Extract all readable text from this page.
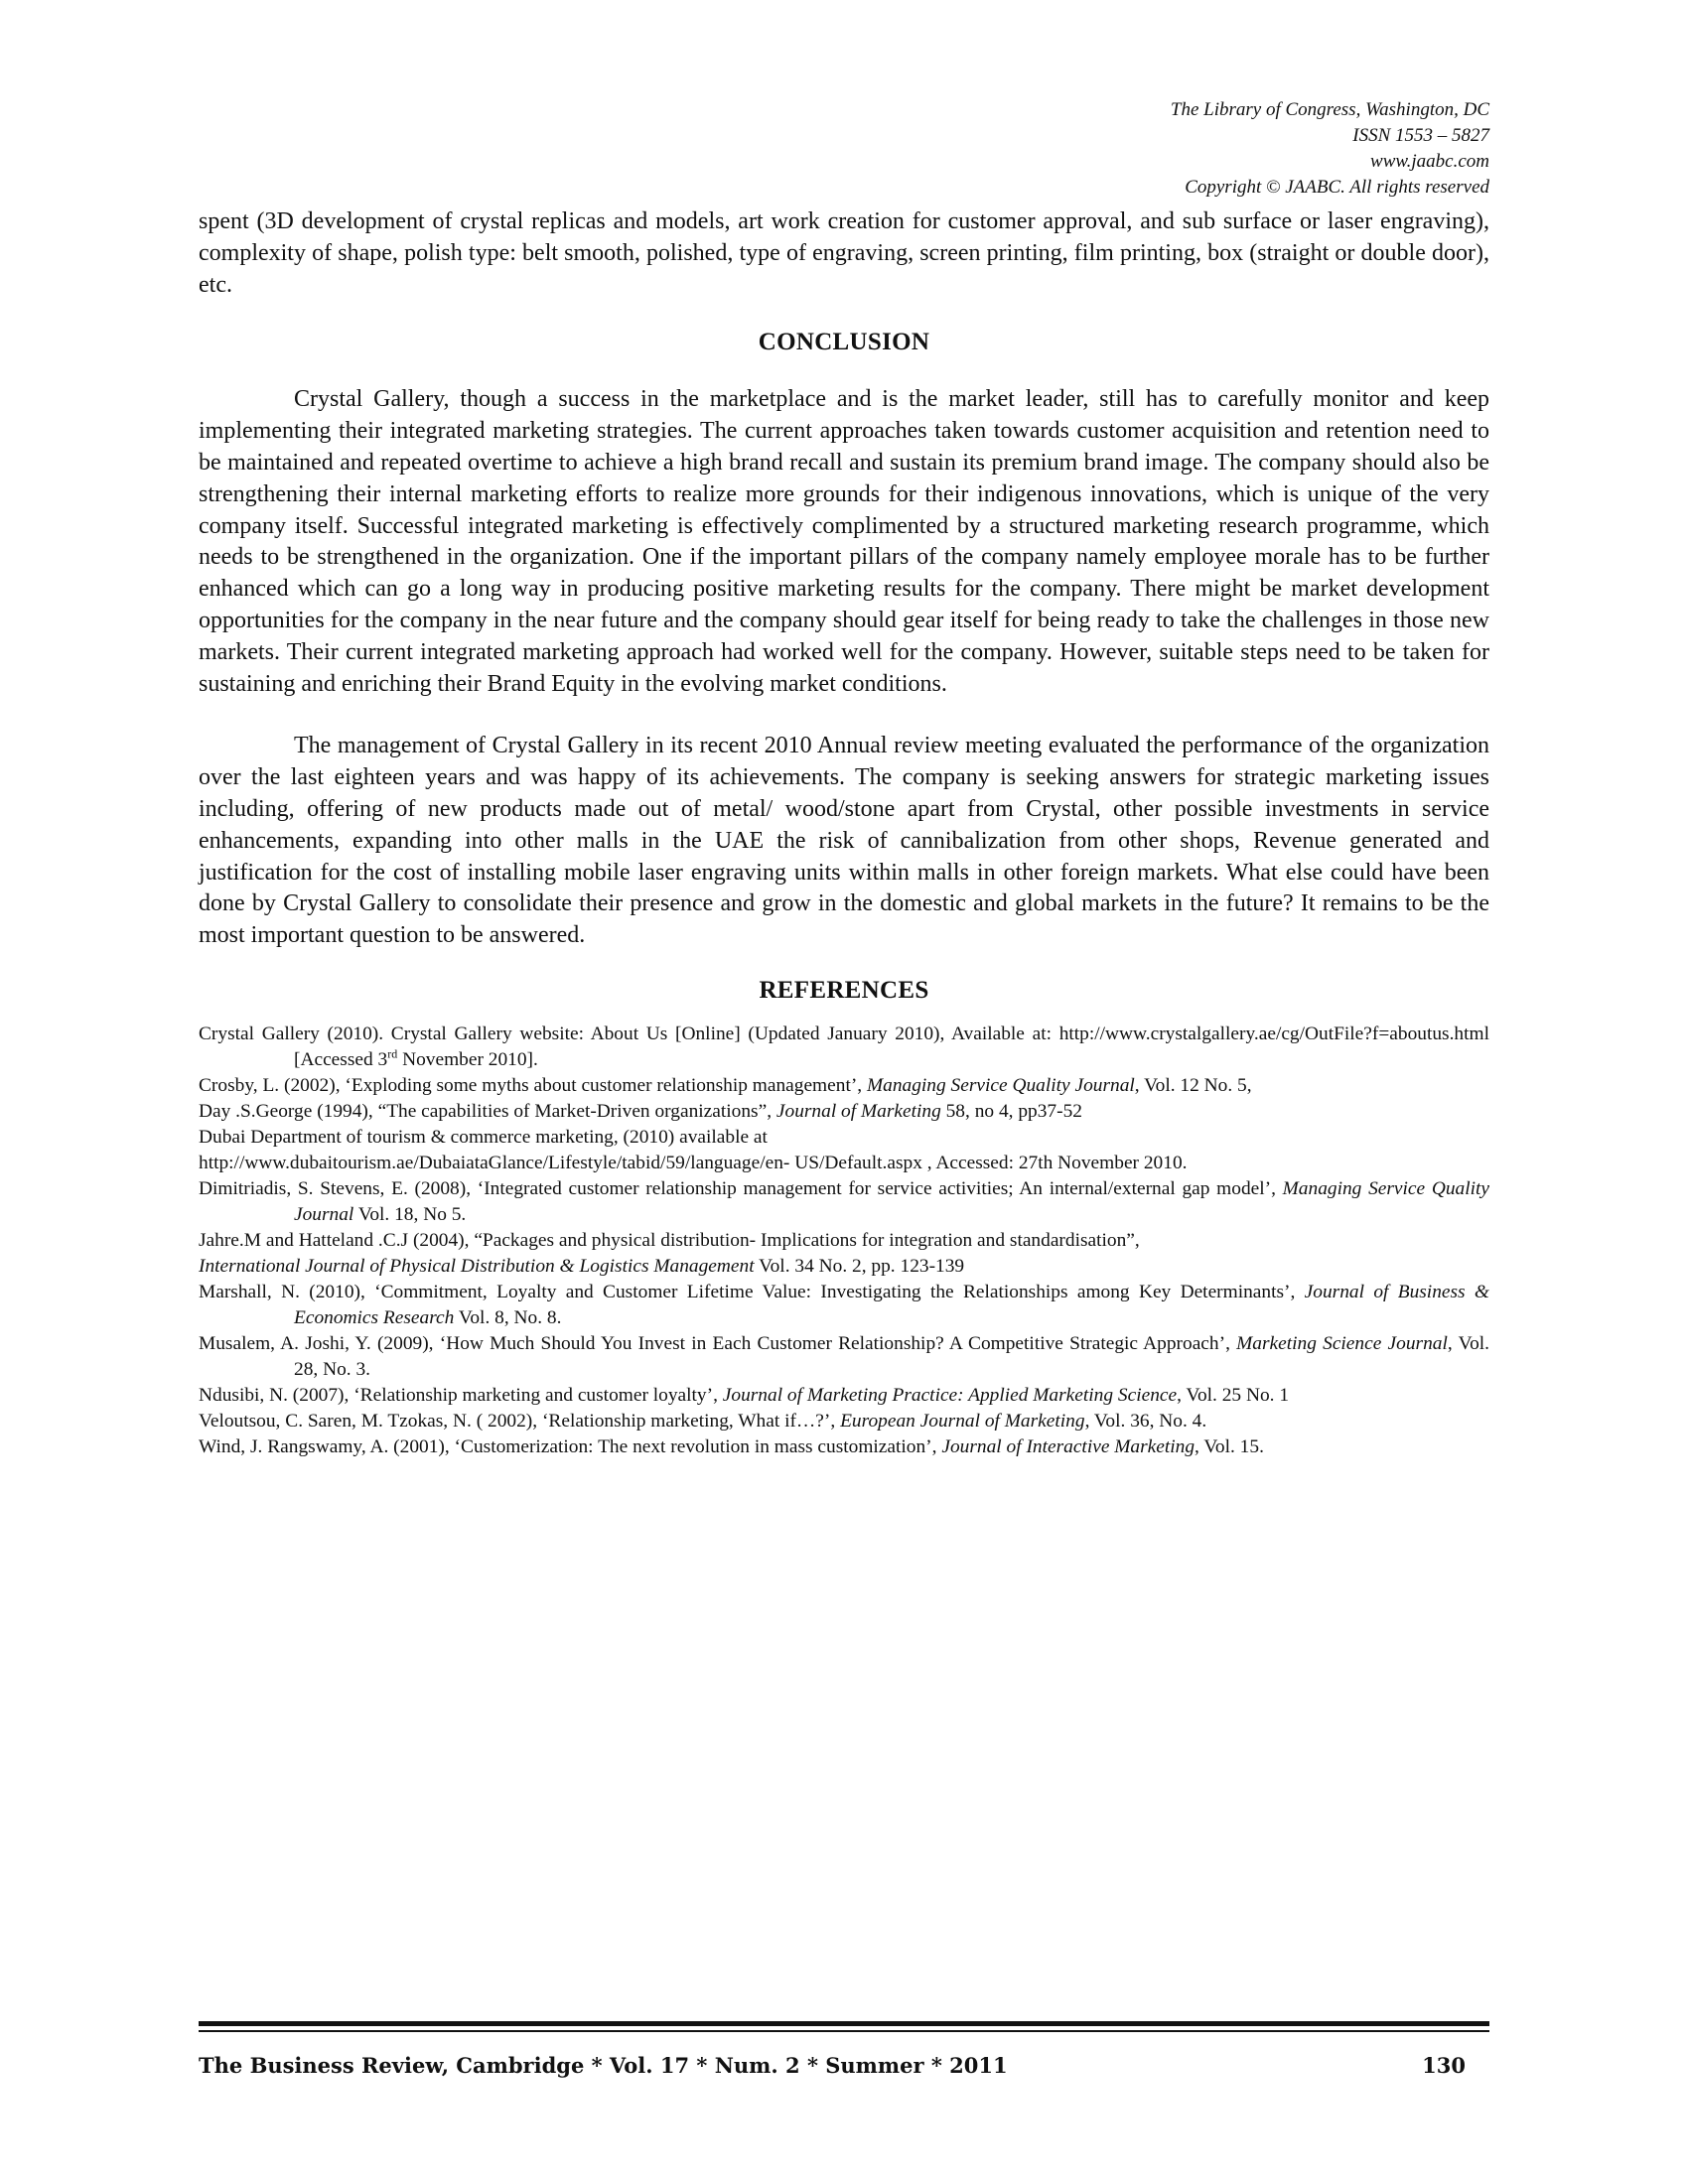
The Library of Congress, Washington, DC
ISSN 1553 – 5827
www.jaabc.com
Copyright © JAABC. All rights reserved

spent (3D development of crystal replicas and models, art work creation for customer approval, and sub surface or laser engraving), complexity of shape, polish type: belt smooth, polished, type of engraving, screen printing, film printing, box (straight or double door), etc.

CONCLUSION

Crystal Gallery, though a success in the marketplace and is the market leader, still has to carefully monitor and keep implementing their integrated marketing strategies. The current approaches taken towards customer acquisition and retention need to be maintained and repeated overtime to achieve a high brand recall and sustain its premium brand image. The company should also be strengthening their internal marketing efforts to realize more grounds for their indigenous innovations, which is unique of the very company itself. Successful integrated marketing is effectively complimented by a structured marketing research programme, which needs to be strengthened in the organization. One if the important pillars of the company namely employee morale has to be further enhanced which can go a long way in producing positive marketing results for the company. There might be market development opportunities for the company in the near future and the company should gear itself for being ready to take the challenges in those new markets. Their current integrated marketing approach had worked well for the company. However, suitable steps need to be taken for sustaining and enriching their Brand Equity in the evolving market conditions.

The management of Crystal Gallery in its recent 2010 Annual review meeting evaluated the performance of the organization over the last eighteen years and was happy of its achievements. The company is seeking answers for strategic marketing issues including, offering of new products made out of metal/ wood/stone apart from Crystal, other possible investments in service enhancements, expanding into other malls in the UAE the risk of cannibalization from other shops, Revenue generated and justification for the cost of installing mobile laser engraving units within malls in other foreign markets. What else could have been done by Crystal Gallery to consolidate their presence and grow in the domestic and global markets in the future? It remains to be the most important question to be answered.

REFERENCES
Crystal Gallery (2010). Crystal Gallery website: About Us [Online] (Updated January 2010), Available at: http://www.crystalgallery.ae/cg/OutFile?f=aboutus.html [Accessed 3rd November 2010].
Crosby, L. (2002), ‘Exploding some myths about customer relationship management’, Managing Service Quality Journal, Vol. 12 No. 5,
Day .S.George (1994), “The capabilities of Market-Driven organizations”, Journal of Marketing 58, no 4, pp37-52
Dubai Department of tourism & commerce marketing, (2010) available at
http://www.dubaitourism.ae/DubaiataGlance/Lifestyle/tabid/59/language/en- US/Default.aspx , Accessed: 27th November 2010.
Dimitriadis, S. Stevens, E. (2008), ‘Integrated customer relationship management for service activities; An internal/external gap model’, Managing Service Quality Journal Vol. 18, No 5.
Jahre.M and Hatteland .C.J (2004), “Packages and physical distribution- Implications for integration and standardisation”,
International Journal of Physical Distribution & Logistics Management Vol. 34 No. 2, pp. 123-139
Marshall, N. (2010), ‘Commitment, Loyalty and Customer Lifetime Value: Investigating the Relationships among Key Determinants’, Journal of Business & Economics Research Vol. 8, No. 8.
Musalem, A. Joshi, Y. (2009), ‘How Much Should You Invest in Each Customer Relationship? A Competitive Strategic Approach’, Marketing Science Journal, Vol. 28, No. 3.
Ndusibi, N. (2007), ‘Relationship marketing and customer loyalty’, Journal of Marketing Practice: Applied Marketing Science, Vol. 25 No. 1
Veloutsou, C. Saren, M. Tzokas, N. ( 2002), ‘Relationship marketing, What if…?’, European Journal of Marketing, Vol. 36, No. 4.
Wind, J. Rangswamy, A. (2001), ‘Customerization: The next revolution in mass customization’, Journal of Interactive Marketing, Vol. 15.
The Business Review, Cambridge * Vol. 17 * Num. 2 * Summer * 2011	130
